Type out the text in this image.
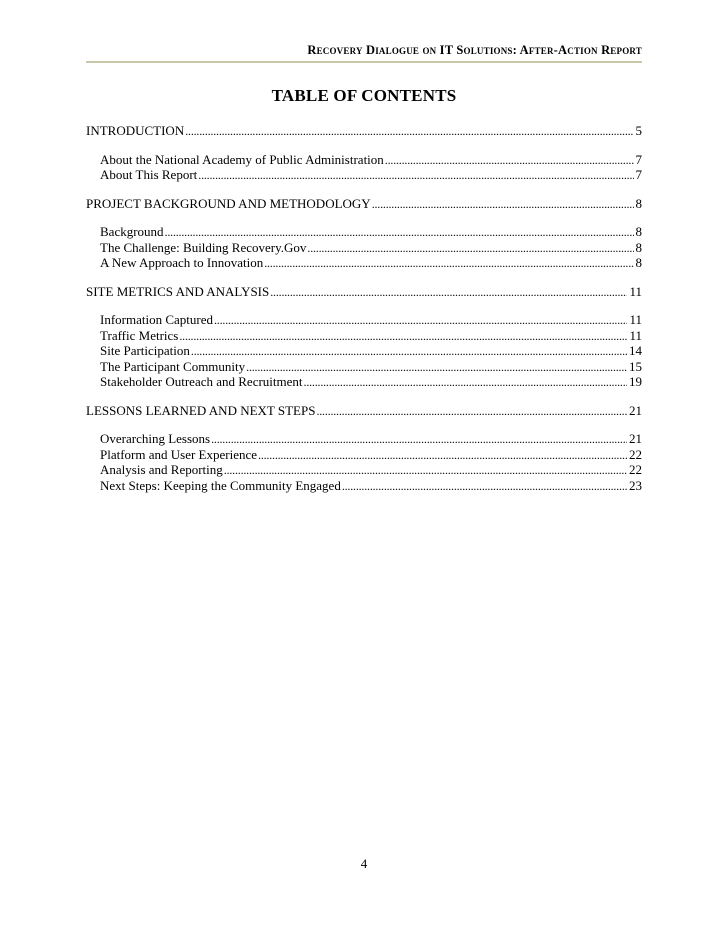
Recovery Dialogue on IT Solutions: After-Action Report
TABLE OF CONTENTS
INTRODUCTION . . .	5
About the National Academy of Public Administration . . .	7
About This Report . . .	7
PROJECT BACKGROUND AND METHODOLOGY . . .	8
Background . . .	8
The Challenge: Building Recovery.Gov . . .	8
A New Approach to Innovation . . .	8
SITE METRICS AND ANALYSIS . . .	11
Information Captured . . .	11
Traffic Metrics . . .	11
Site Participation . . .	14
The Participant Community . . .	15
Stakeholder Outreach and Recruitment . . .	19
LESSONS LEARNED AND NEXT STEPS . . .	21
Overarching Lessons . . .	21
Platform and User Experience . . .	22
Analysis and Reporting . . .	22
Next Steps: Keeping the Community Engaged . . .	23
4
